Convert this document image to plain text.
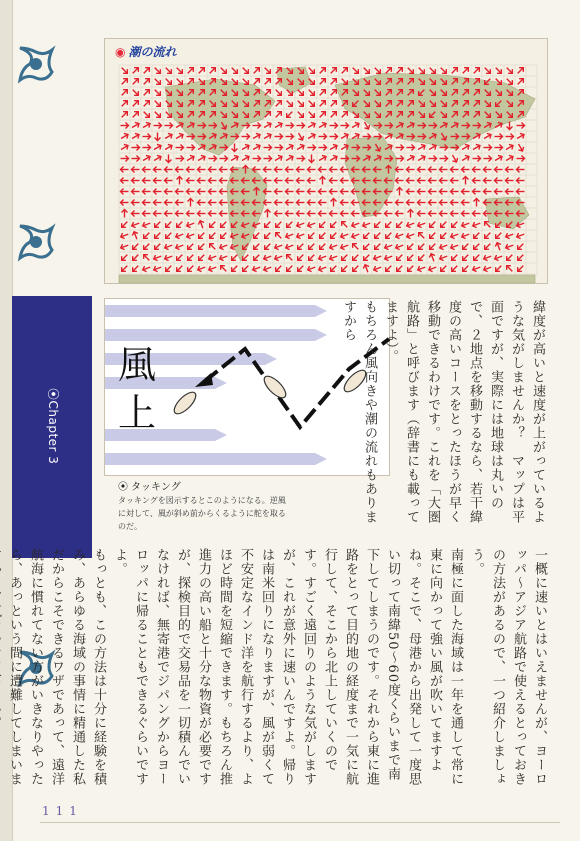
⦿Chapter 3
◉ 潮の流れ
風
上
⦿ タッキング
タッキングを図示するとこのようになる。逆風に対して、風が斜め前からくるように舵を取るのだ。

緯度が高いと速度が上がっているような気がしませんか？　マップは平面ですが、実際には地球は丸いので、２地点を移動するなら、若干緯度の高いコースをとったほうが早く移動できるわけです。これを「大圏航路」と呼びます（辞書にも載ってますよ）。

もちろん風向きや潮の流れもありますから

一概に速いとはいえませんが、ヨーロッパ～アジア航路で使えるとっておきの方法があるので、一つ紹介しましょう。

南極に面した海域は一年を通して常に東に向かって強い風が吹いてますよね。そこで、母港から出発して一度思い切って南緯50～60度くらいまで南下してしまうのです。それから東に進路をとって目的地の経度まで一気に航行して、そこから北上していくのです。すごく遠回りのような気がしますが、これが意外に速いんですよ。帰りは南米回りになりますが、風が弱くて不安定なインド洋を航行するより、よほど時間を短縮できます。もちろん推進力の高い船と十分な物資が必要ですが、探検目的で交易品を一切積んでいなければ、無寄港でジパングからヨーロッパに帰ることもできるぐらいですよ。

もっとも、この方法は十分に経験を積み、あらゆる海域の事情に精通した私だからこそできるワザであって、遠洋航海に慣れてない方がいきなりやったら、あっという間に遭難してしまいま

111
